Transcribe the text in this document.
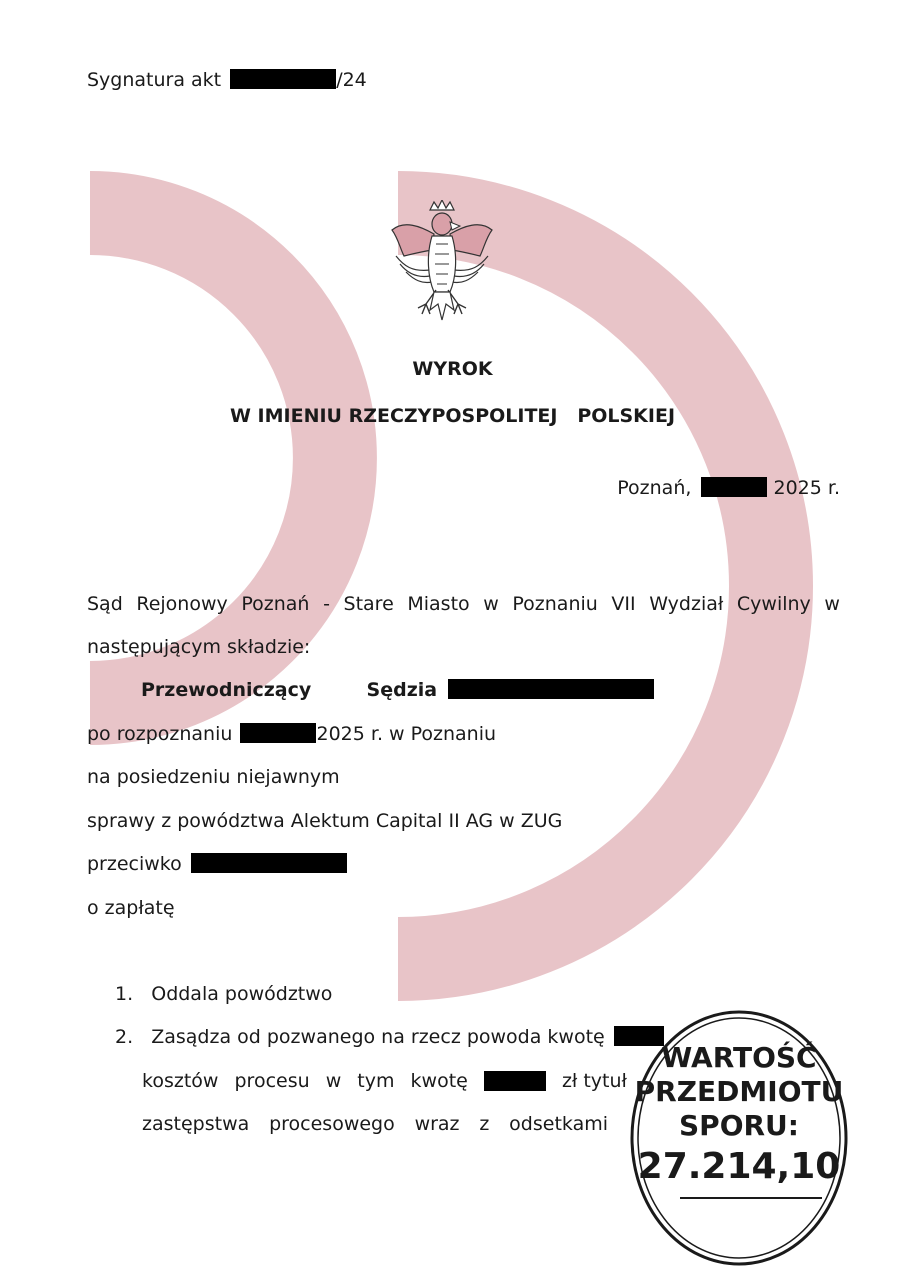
Sygnatura akt	/24
WYROK
W IMIENIU RZECZYPOSPOLITEJ   POLSKIEJ
Poznań,	2025 r.
Sąd Rejonowy Poznań - Stare Miasto w Poznaniu VII Wydział Cywilny w
następującym składzie:
Przewodniczący	Sędzia
po rozpoznaniu	2025 r. w Poznaniu
na posiedzeniu niejawnym
sprawy z powództwa Alektum Capital II AG w ZUG
przeciwko
o zapłatę
1. Oddala powództwo
2. Zasądza od pozwanego na rzecz powoda kwotę
kosztów procesu w tym kwotę	zł tytuł
zastępstwa procesowego wraz z odsetkami
WARTOŚĆ
PRZEDMIOTU
SPORU:
27.214,10
